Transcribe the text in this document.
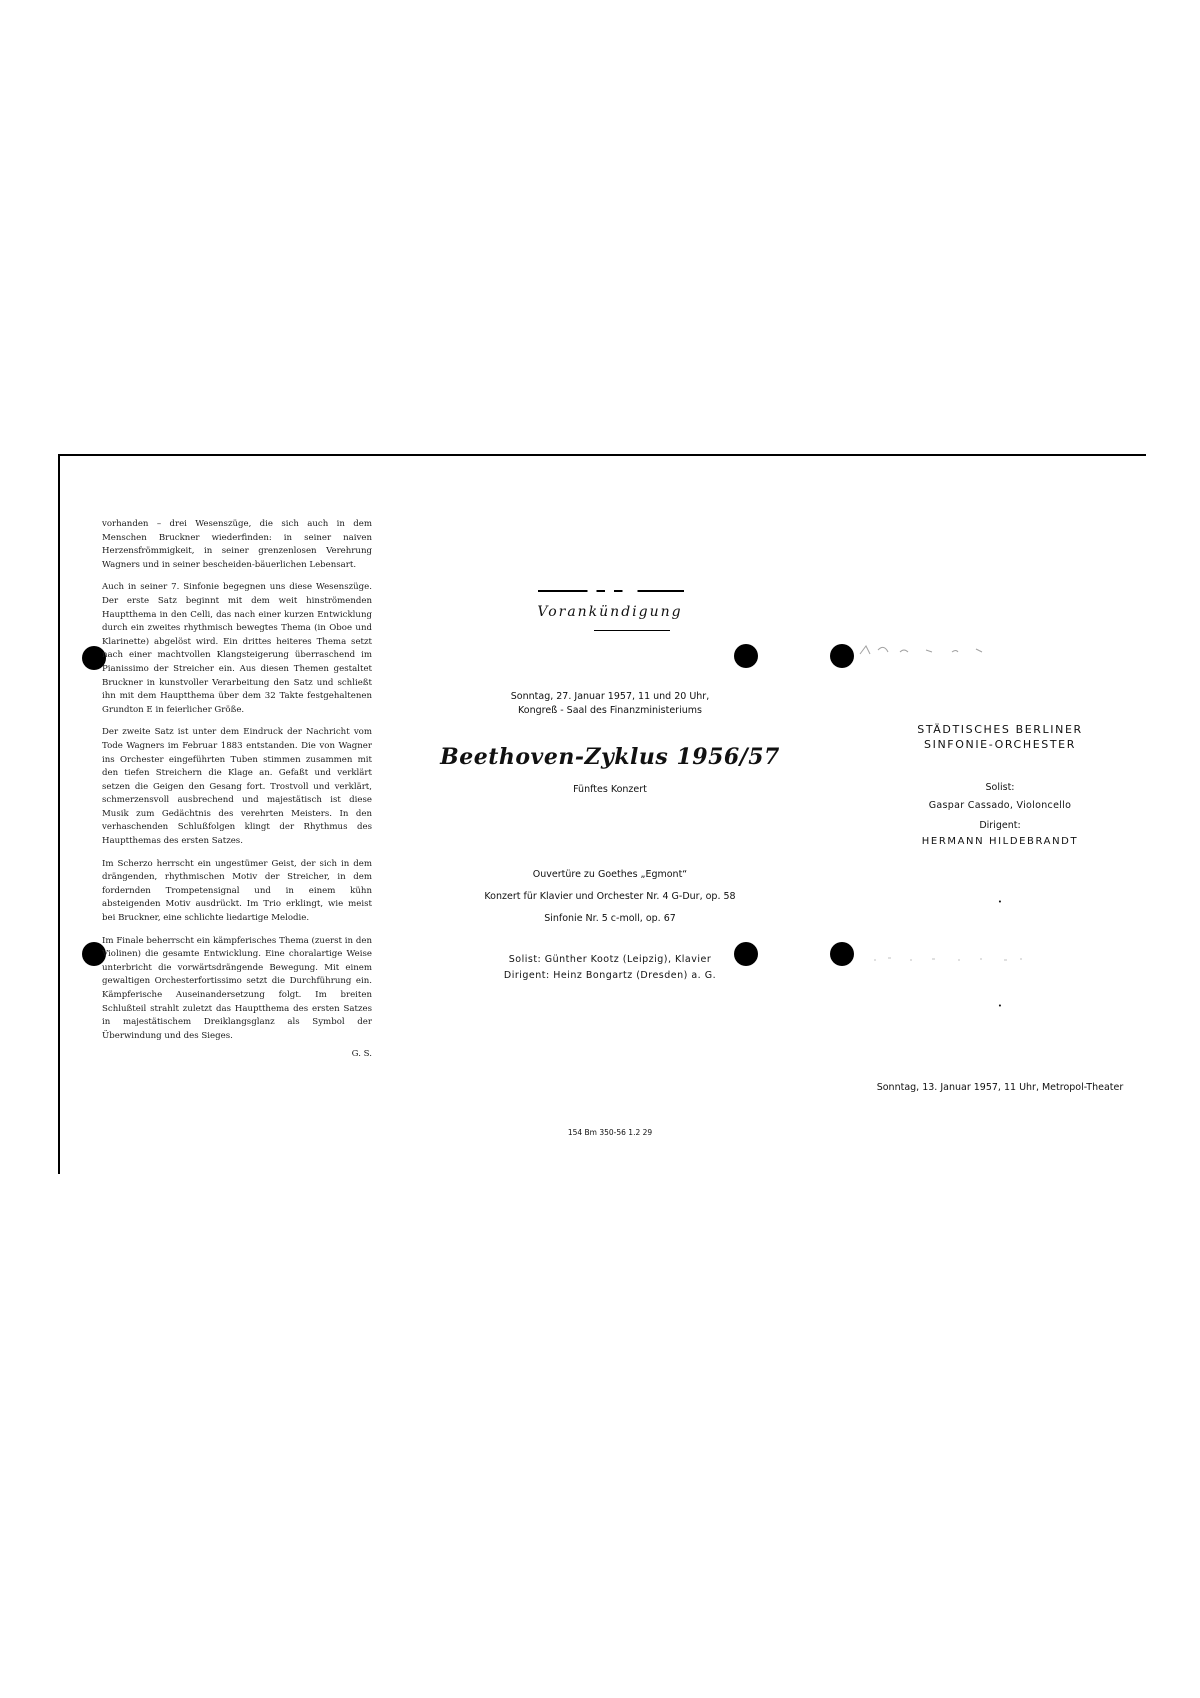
vorhanden – drei Wesenszüge, die sich auch in dem Menschen Bruckner wiederfinden: in seiner naiven Herzensfrömmigkeit, in seiner grenzenlosen Verehrung Wagners und in seiner bescheiden-bäuerlichen Lebensart.

Auch in seiner 7. Sinfonie begegnen uns diese Wesenszüge. Der erste Satz beginnt mit dem weit hinströmenden Hauptthema in den Celli, das nach einer kurzen Entwicklung durch ein zweites rhythmisch bewegtes Thema (in Oboe und Klarinette) abgelöst wird. Ein drittes heiteres Thema setzt nach einer machtvollen Klangsteigerung überraschend im Pianissimo der Streicher ein. Aus diesen Themen gestaltet Bruckner in kunstvoller Verarbeitung den Satz und schließt ihn mit dem Hauptthema über dem 32 Takte festgehaltenen Grundton E in feierlicher Größe.

Der zweite Satz ist unter dem Eindruck der Nachricht vom Tode Wagners im Februar 1883 entstanden. Die von Wagner ins Orchester eingeführten Tuben stimmen zusammen mit den tiefen Streichern die Klage an. Gefaßt und verklärt setzen die Geigen den Gesang fort. Trostvoll und verklärt, schmerzensvoll ausbrechend und majestätisch ist diese Musik zum Gedächtnis des verehrten Meisters. In den verhaschenden Schlußfolgen klingt der Rhythmus des Hauptthemas des ersten Satzes.

Im Scherzo herrscht ein ungestümer Geist, der sich in dem drängenden, rhythmischen Motiv der Streicher, in dem fordernden Trompetensignal und in einem kühn absteigenden Motiv ausdrückt. Im Trio erklingt, wie meist bei Bruckner, eine schlichte liedartige Melodie.

Im Finale beherrscht ein kämpferisches Thema (zuerst in den Violinen) die gesamte Entwicklung. Eine choralartige Weise unterbricht die vorwärtsdrängende Bewegung. Mit einem gewaltigen Orchesterfortissimo setzt die Durchführung ein. Kämpferische Auseinandersetzung folgt. Im breiten Schlußteil strahlt zuletzt das Hauptthema des ersten Satzes in majestätischem Dreiklangsglanz als Symbol der Überwindung und des Sieges.

G. S.
Vorankündigung
Sonntag, 27. Januar 1957, 11 und 20 Uhr,
Kongreß - Saal des Finanzministeriums
Beethoven-Zyklus 1956/57
Fünftes Konzert
Ouvertüre zu Goethes „Egmont“
Konzert für Klavier und Orchester Nr. 4 G-Dur, op. 58
Sinfonie Nr. 5 c-moll, op. 67
Solist: Günther Kootz (Leipzig), Klavier
Dirigent: Heinz Bongartz (Dresden) a. G.
154 Bm 350-56 1.2 29
STÄDTISCHES BERLINER
SINFONIE-ORCHESTER
Solist:
Gaspar Cassado, Violoncello
Dirigent:
HERMANN HILDEBRANDT
•
•
Sonntag, 13. Januar 1957, 11 Uhr, Metropol-Theater
